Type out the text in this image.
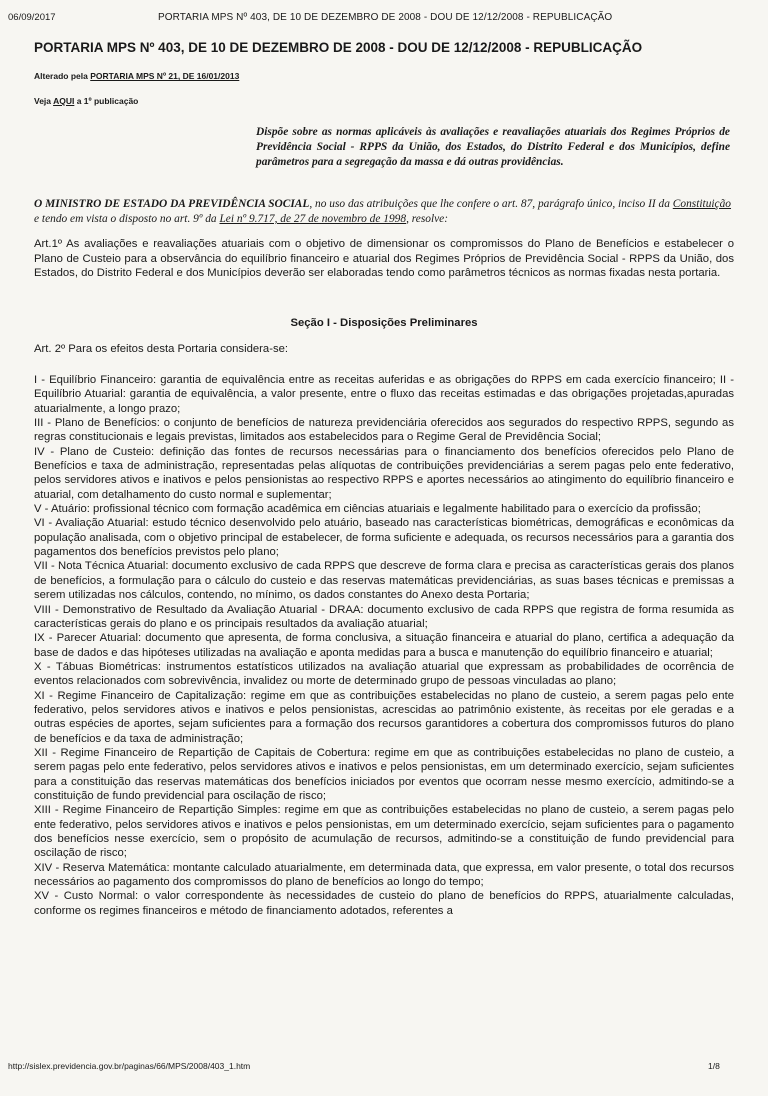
06/09/2017	PORTARIA MPS Nº 403, DE 10 DE DEZEMBRO DE 2008 - DOU DE 12/12/2008 - REPUBLICAÇÃO
PORTARIA MPS Nº 403, DE 10 DE DEZEMBRO DE 2008 - DOU DE 12/12/2008 - REPUBLICAÇÃO
Alterado pela PORTARIA MPS Nº 21, DE 16/01/2013
Veja AQUI a 1º publicação
Dispõe sobre as normas aplicáveis às avaliações e reavaliações atuariais dos Regimes Próprios de Previdência Social - RPPS da União, dos Estados, do Distrito Federal e dos Municípios, define parâmetros para a segregação da massa e dá outras providências.
O MINISTRO DE ESTADO DA PREVIDÊNCIA SOCIAL, no uso das atribuições que lhe confere o art. 87, parágrafo único, inciso II da Constituição e tendo em vista o disposto no art. 9º da Lei nº 9.717, de 27 de novembro de 1998, resolve:
Art.1º As avaliações e reavaliações atuariais com o objetivo de dimensionar os compromissos do Plano de Benefícios e estabelecer o Plano de Custeio para a observância do equilíbrio financeiro e atuarial dos Regimes Próprios de Previdência Social - RPPS da União, dos Estados, do Distrito Federal e dos Municípios deverão ser elaboradas tendo como parâmetros técnicos as normas fixadas nesta portaria.
Seção I - Disposições Preliminares
Art. 2º Para os efeitos desta Portaria considera-se:

I - Equilíbrio Financeiro: garantia de equivalência entre as receitas auferidas e as obrigações do RPPS em cada exercício financeiro; II - Equilíbrio Atuarial: garantia de equivalência, a valor presente, entre o fluxo das receitas estimadas e das obrigações projetadas,apuradas atuarialmente, a longo prazo;

III - Plano de Benefícios: o conjunto de benefícios de natureza previdenciária oferecidos aos segurados do respectivo RPPS, segundo as regras constitucionais e legais previstas, limitados aos estabelecidos para o Regime Geral de Previdência Social;

IV - Plano de Custeio: definição das fontes de recursos necessárias para o financiamento dos benefícios oferecidos pelo Plano de Benefícios e taxa de administração, representadas pelas alíquotas de contribuições previdenciárias a serem pagas pelo ente federativo, pelos servidores ativos e inativos e pelos pensionistas ao respectivo RPPS e aportes necessários ao atingimento do equilíbrio financeiro e atuarial, com detalhamento do custo normal e suplementar;

V - Atuário: profissional técnico com formação acadêmica em ciências atuariais e legalmente habilitado para o exercício da profissão;

VI - Avaliação Atuarial: estudo técnico desenvolvido pelo atuário, baseado nas características biométricas, demográficas e econômicas da população analisada, com o objetivo principal de estabelecer, de forma suficiente e adequada, os recursos necessários para a garantia dos pagamentos dos benefícios previstos pelo plano;

VII - Nota Técnica Atuarial: documento exclusivo de cada RPPS que descreve de forma clara e precisa as características gerais dos planos de benefícios, a formulação para o cálculo do custeio e das reservas matemáticas previdenciárias, as suas bases técnicas e premissas a serem utilizadas nos cálculos, contendo, no mínimo, os dados constantes do Anexo desta Portaria;

VIII - Demonstrativo de Resultado da Avaliação Atuarial - DRAA: documento exclusivo de cada RPPS que registra de forma resumida as características gerais do plano e os principais resultados da avaliação atuarial;

IX - Parecer Atuarial: documento que apresenta, de forma conclusiva, a situação financeira e atuarial do plano, certifica a adequação da base de dados e das hipóteses utilizadas na avaliação e aponta medidas para a busca e manutenção do equilíbrio financeiro e atuarial;

X - Tábuas Biométricas: instrumentos estatísticos utilizados na avaliação atuarial que expressam as probabilidades de ocorrência de eventos relacionados com sobrevivência, invalidez ou morte de determinado grupo de pessoas vinculadas ao plano;

XI - Regime Financeiro de Capitalização: regime em que as contribuições estabelecidas no plano de custeio, a serem pagas pelo ente federativo, pelos servidores ativos e inativos e pelos pensionistas, acrescidas ao patrimônio existente, às receitas por ele geradas e a outras espécies de aportes, sejam suficientes para a formação dos recursos garantidores a cobertura dos compromissos futuros do plano de benefícios e da taxa de administração;

XII - Regime Financeiro de Repartição de Capitais de Cobertura: regime em que as contribuições estabelecidas no plano de custeio, a serem pagas pelo ente federativo, pelos servidores ativos e inativos e pelos pensionistas, em um determinado exercício, sejam suficientes para a constituição das reservas matemáticas dos benefícios iniciados por eventos que ocorram nesse mesmo exercício, admitindo-se a constituição de fundo previdencial para oscilação de risco;

XIII - Regime Financeiro de Repartição Simples: regime em que as contribuições estabelecidas no plano de custeio, a serem pagas pelo ente federativo, pelos servidores ativos e inativos e pelos pensionistas, em um determinado exercício, sejam suficientes para o pagamento dos benefícios nesse exercício, sem o propósito de acumulação de recursos, admitindo-se a constituição de fundo previdencial para oscilação de risco;

XIV - Reserva Matemática: montante calculado atuarialmente, em determinada data, que expressa, em valor presente, o total dos recursos necessários ao pagamento dos compromissos do plano de benefícios ao longo do tempo;

XV - Custo Normal: o valor correspondente às necessidades de custeio do plano de benefícios do RPPS, atuarialmente calculadas, conforme os regimes financeiros e método de financiamento adotados, referentes a

http://sislex.previdencia.gov.br/paginas/66/MPS/2008/403_1.htm	1/8
